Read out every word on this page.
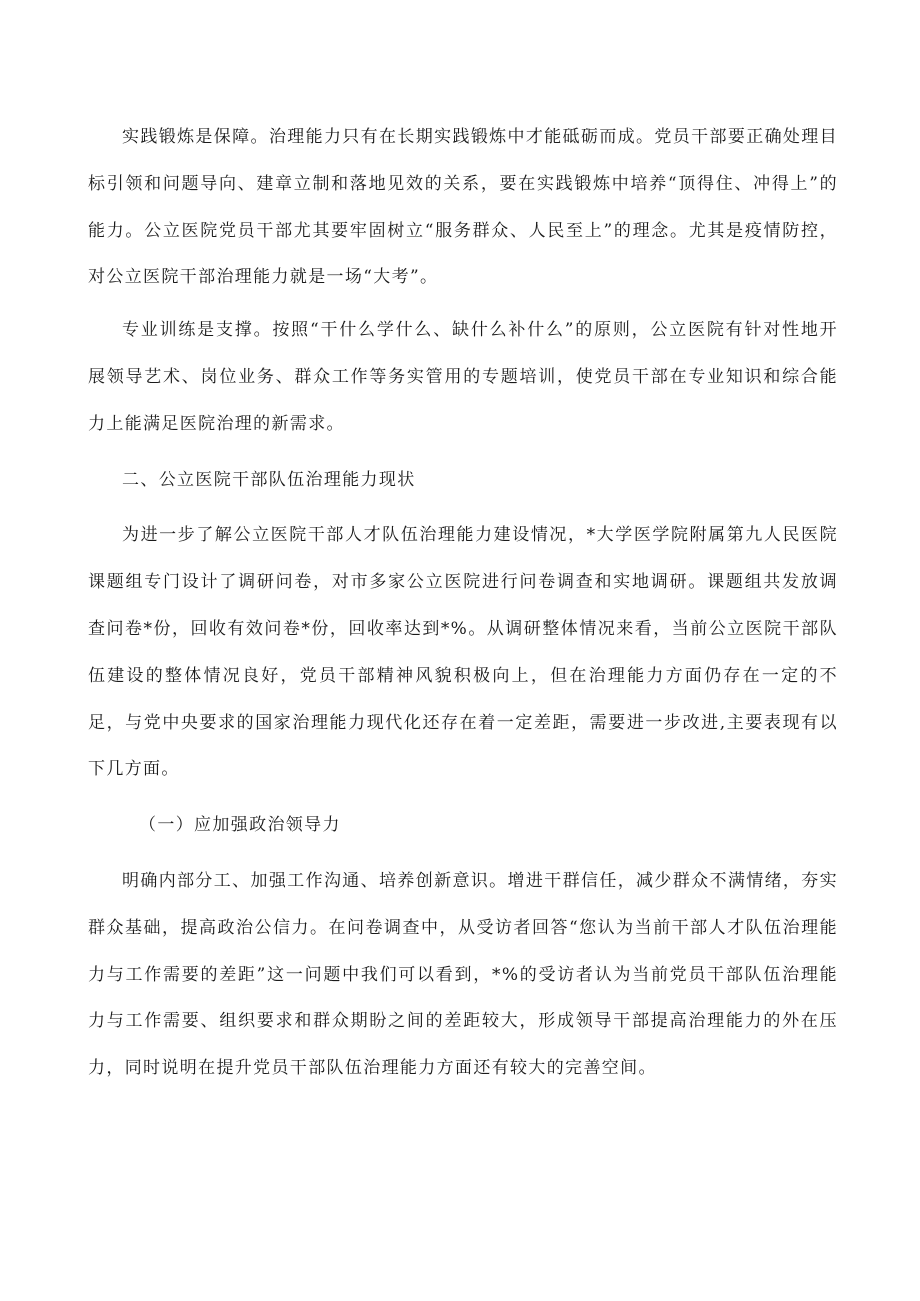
实践锻炼是保障。治理能力只有在长期实践锻炼中才能砥砺而成。党员干部要正确处理目标引领和问题导向、建章立制和落地见效的关系，要在实践锻炼中培养“顶得住、冲得上”的能力。公立医院党员干部尤其要牢固树立“服务群众、人民至上”的理念。尤其是疫情防控，对公立医院干部治理能力就是一场“大考”。

专业训练是支撑。按照“干什么学什么、缺什么补什么”的原则，公立医院有针对性地开展领导艺术、岗位业务、群众工作等务实管用的专题培训，使党员干部在专业知识和综合能力上能满足医院治理的新需求。

二、公立医院干部队伍治理能力现状

为进一步了解公立医院干部人才队伍治理能力建设情况，*大学医学院附属第九人民医院课题组专门设计了调研问卷，对市多家公立医院进行问卷调查和实地调研。课题组共发放调查问卷*份，回收有效问卷*份，回收率达到*%。从调研整体情况来看，当前公立医院干部队伍建设的整体情况良好，党员干部精神风貌积极向上，但在治理能力方面仍存在一定的不足，与党中央要求的国家治理能力现代化还存在着一定差距，需要进一步改进,主要表现有以下几方面。

（一）应加强政治领导力

明确内部分工、加强工作沟通、培养创新意识。增进干群信任，减少群众不满情绪，夯实群众基础，提高政治公信力。在问卷调查中，从受访者回答“您认为当前干部人才队伍治理能力与工作需要的差距”这一问题中我们可以看到，*%的受访者认为当前党员干部队伍治理能力与工作需要、组织要求和群众期盼之间的差距较大，形成领导干部提高治理能力的外在压力，同时说明在提升党员干部队伍治理能力方面还有较大的完善空间。
